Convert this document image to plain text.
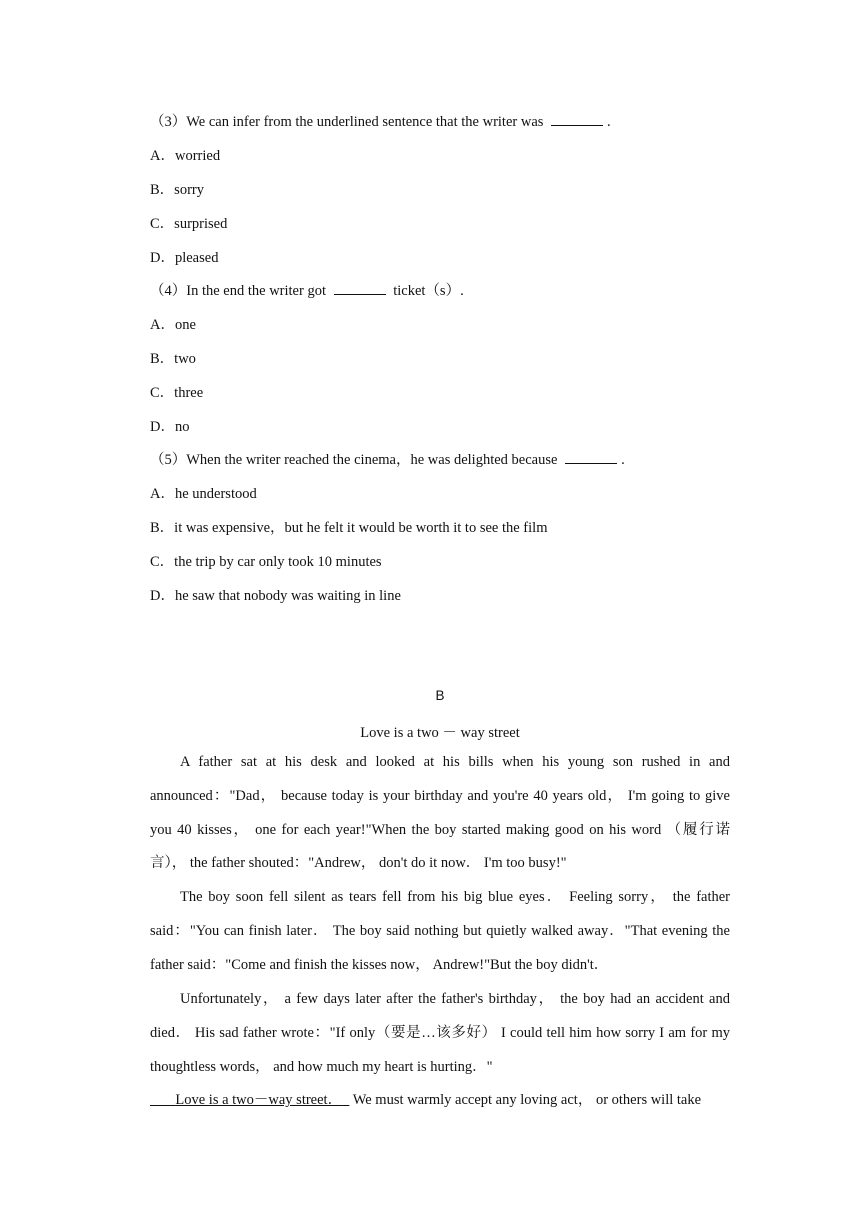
（3）We can infer from the underlined sentence that the writer was	.
A．worried
B．sorry
C．surprised
D．pleased
（4）In the end the writer got	ticket（s）.
A．one
B．two
C．three
D．no
（5）When the writer reached the cinema，he was delighted because	.
A．he understood
B．it was expensive，but he felt it would be worth it to see the film
C．the trip by car only took 10 minutes
D．he saw that nobody was waiting in line
B
Love is a two － way street
A father sat at his desk and looked at his bills when his young son rushed in and announced："Dad， because today is your birthday and you're 40 years old， I'm going to give you 40 kisses， one for each year!"When the boy started making good on his word （履行诺言）， the father shouted："Andrew， don't do it now． I'm too busy!"
The boy soon fell silent as tears fell from his big blue eyes． Feeling sorry， the father said："You can finish later． The boy said nothing but quietly walked away．"That evening the father said："Come and finish the kisses now， Andrew!"But the boy didn't．
Unfortunately， a few days later after the father's birthday， the boy had an accident and died． His sad father wrote："If only（要是…该多好） I could tell him how sorry I am for my thoughtless words， and how much my heart is hurting．"
Love is a two－way street．   We must warmly accept any loving act， or others will take
